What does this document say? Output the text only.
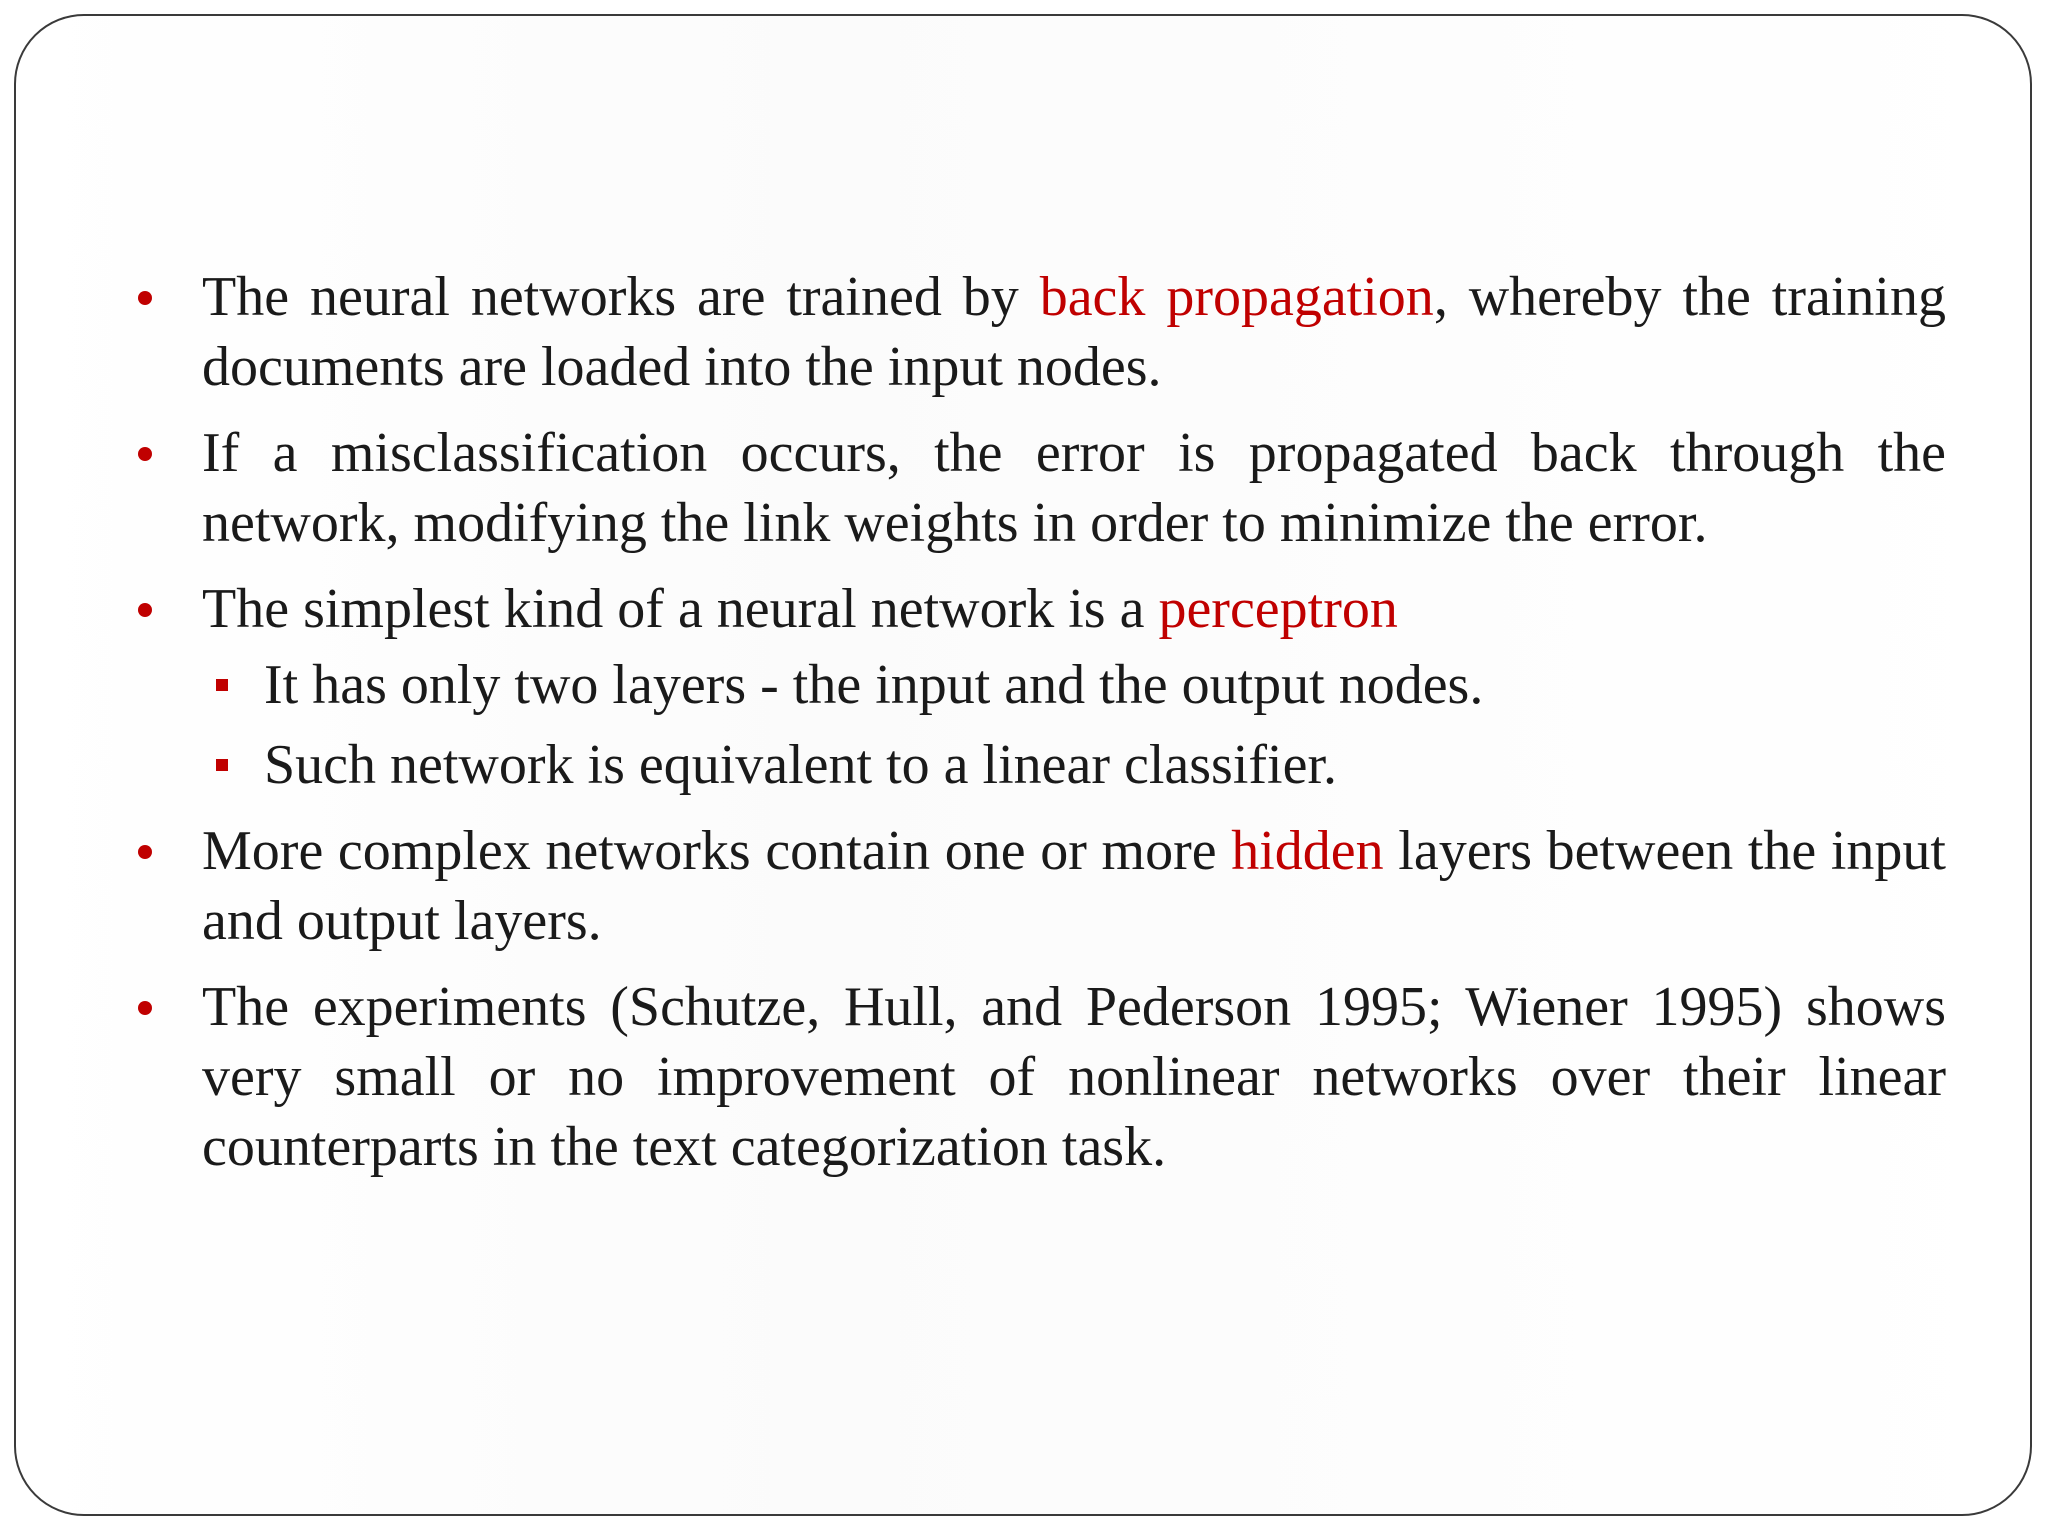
The neural networks are trained by back propagation, whereby the training documents are loaded into the input nodes.
If a misclassification occurs, the error is propagated back through the network, modifying the link weights in order to minimize the error.
The simplest kind of a neural network is a perceptron
It has only two layers - the input and the output nodes.
Such network is equivalent to a linear classifier.
More complex networks contain one or more hidden layers between the input and output layers.
The experiments (Schutze, Hull, and Pederson 1995; Wiener 1995) shows very small or no improvement of nonlinear networks over their linear counterparts in the text categorization task.
